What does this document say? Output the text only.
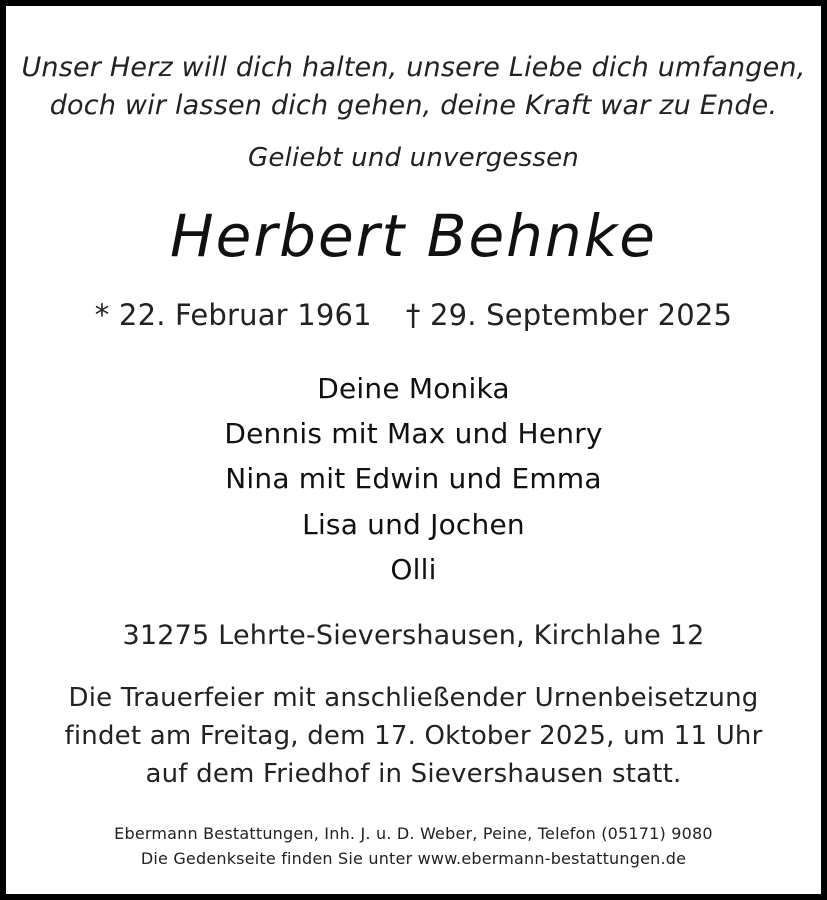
Unser Herz will dich halten, unsere Liebe dich umfangen,
doch wir lassen dich gehen, deine Kraft war zu Ende.
Geliebt und unvergessen
Herbert Behnke
* 22. Februar 1961 † 29. September 2025
Deine Monika
Dennis mit Max und Henry
Nina mit Edwin und Emma
Lisa und Jochen
Olli
31275 Lehrte-Sievershausen, Kirchlahe 12
Die Trauerfeier mit anschließender Urnenbeisetzung
findet am Freitag, dem 17. Oktober 2025, um 11 Uhr
auf dem Friedhof in Sievershausen statt.
Ebermann Bestattungen, Inh. J. u. D. Weber, Peine, Telefon (05171) 9080
Die Gedenkseite finden Sie unter www.ebermann-bestattungen.de
